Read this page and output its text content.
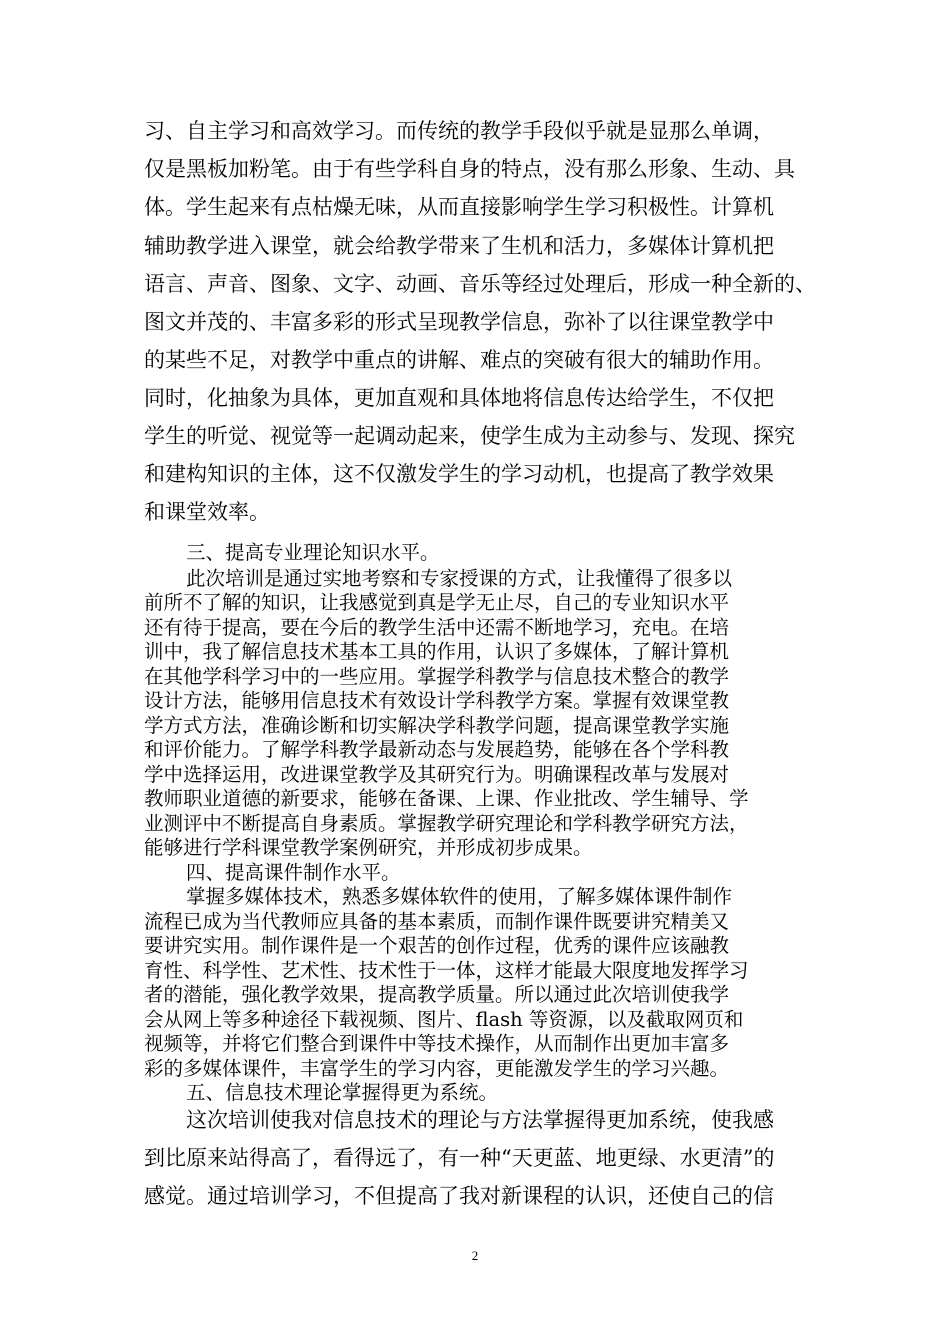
习、自主学习和高效学习。而传统的教学手段似乎就是显那么单调，
仅是黑板加粉笔。由于有些学科自身的特点，没有那么形象、生动、具
体。学生起来有点枯燥无味，从而直接影响学生学习积极性。计算机
辅助教学进入课堂，就会给教学带来了生机和活力，多媒体计算机把
语言、声音、图象、文字、动画、音乐等经过处理后，形成一种全新的、
图文并茂的、丰富多彩的形式呈现教学信息，弥补了以往课堂教学中
的某些不足，对教学中重点的讲解、难点的突破有很大的辅助作用。
同时，化抽象为具体，更加直观和具体地将信息传达给学生，不仅把
学生的听觉、视觉等一起调动起来，使学生成为主动参与、发现、探究
和建构知识的主体，这不仅激发学生的学习动机，也提高了教学效果
和课堂效率。
三、提高专业理论知识水平。
此次培训是通过实地考察和专家授课的方式，让我懂得了很多以
前所不了解的知识，让我感觉到真是学无止尽，自己的专业知识水平
还有待于提高，要在今后的教学生活中还需不断地学习，充电。在培
训中，我了解信息技术基本工具的作用，认识了多媒体，了解计算机
在其他学科学习中的一些应用。掌握学科教学与信息技术整合的教学
设计方法，能够用信息技术有效设计学科教学方案。掌握有效课堂教
学方式方法，准确诊断和切实解决学科教学问题，提高课堂教学实施
和评价能力。了解学科教学最新动态与发展趋势，能够在各个学科教
学中选择运用，改进课堂教学及其研究行为。明确课程改革与发展对
教师职业道德的新要求，能够在备课、上课、作业批改、学生辅导、学
业测评中不断提高自身素质。掌握教学研究理论和学科教学研究方法，
能够进行学科课堂教学案例研究，并形成初步成果。
四、提高课件制作水平。
掌握多媒体技术，熟悉多媒体软件的使用，了解多媒体课件制作
流程已成为当代教师应具备的基本素质，而制作课件既要讲究精美又
要讲究实用。制作课件是一个艰苦的创作过程，优秀的课件应该融教
育性、科学性、艺术性、技术性于一体，这样才能最大限度地发挥学习
者的潜能，强化教学效果，提高教学质量。所以通过此次培训使我学
会从网上等多种途径下载视频、图片、flash 等资源，以及截取网页和
视频等，并将它们整合到课件中等技术操作，从而制作出更加丰富多
彩的多媒体课件，丰富学生的学习内容，更能激发学生的学习兴趣。
五、信息技术理论掌握得更为系统。
这次培训使我对信息技术的理论与方法掌握得更加系统，使我感
到比原来站得高了，看得远了，有一种“天更蓝、地更绿、水更清”的
感觉。通过培训学习，不但提高了我对新课程的认识，还使自己的信
2
